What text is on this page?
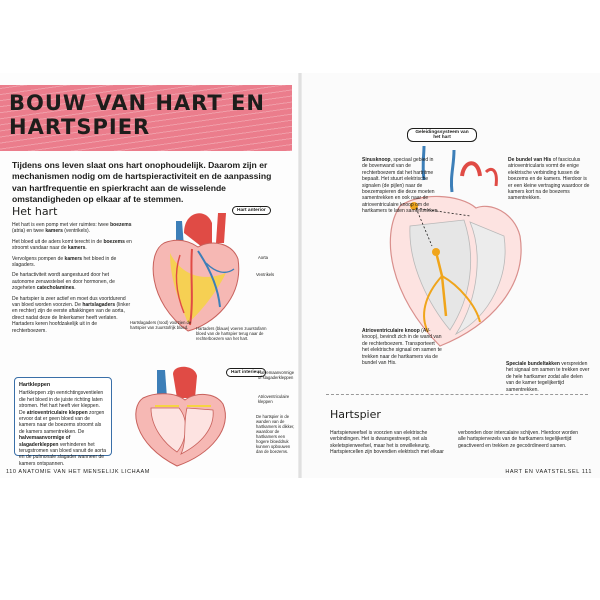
BOUW VAN HART EN HARTSPIER

Tijdens ons leven slaat ons hart onophoudelijk. Daarom zijn er mechanismen nodig om de hartspieractiviteit en de aanpassing van hartfrequentie en spierkracht aan de wisselende omstandigheden op elkaar af te stemmen.

Het hart

Het hart is een pomp met vier ruimtes: twee boezems (atria) en twee kamers (ventrikels).

Het bloed uit de aders komt terecht in de boezems en stroomt vandaar naar de kamers.

Vervolgens pompen de kamers het bloed in de slagaders.

De hartactiviteit wordt aangestuurd door het autonome zenuwstelsel en door hormonen, de zogeheten catecholamines.

De hartspier is zeer actief en moet dus voortdurend van bloed worden voorzien. De hartslagaders (linker en rechter) zijn de eerste aftakkingen van de aorta, direct nadat deze de linkerkamer heeft verlaten. Hartaders keren hoofdzakelijk uit in de rechterboezem.

Hart anterior
Aorta
Ventrikels
Hartslagaders (rood) voorzien de hartspier van zuurstofrijk bloed.	Hartaders (blauw) voeren zuurstofarm bloed van de hartspier terug naar de rechterboezem van het hart.
Hartkleppen
Hartkleppen zijn eenrichtingsventielen die het bloed in de juiste richting laten stromen. Het hart heeft vier kleppen. De atrioventriculaire kleppen zorgen ervoor dat er geen bloed van de kamers naar de boezems stroomt als de kamers samentrekken. De halvemaanvormige of slagaderkleppen verhinderen het terugstromen van bloed vanuit de aorta en de pulmonale slagader wanneer de kamers ontspannen.
Hart interieur
Halvemaanvormige of slagaderkleppen
Atrioventriculaire kleppen
De hartspier in de wanden van de hartkamers is dikker, waardoor de hartkamers een hogere bloeddruk kunnen opbouwen dan de boezems.
Geleidingssysteem van het hart
Sinusknoop, speciaal gebied in de bovenwand van de rechterboezem dat het hartritme bepaalt. Het stuurt elektrische signalen (de pijlen) naar de boezemspieren die deze moeten samentrekken en ook naar de atrioventriculaire knoop om de hartkamers te laten samentrekken.
De bundel van His of fasciculus atrioventricularis vormt de enige elektrische verbinding tussen de boezems en de kamers. Hierdoor is er een kleine vertraging waardoor de kamers kort na de boezems samentrekken.
Atrioventriculaire knoop (AV-knoop), bevindt zich in de wand van de rechterboezem. Transporteert het elektrische signaal om samen te trekken naar de hartkamers via de bundel van His.	Speciale bundeltakken verspreiden het signaal om samen te trekken over de hele hartkamer zodat alle delen van de kamer tegelijkertijd samentrekken.
Hartspier
Hartspierweefsel is voorzien van elektrische verbindingen. Het is dwarsgestreept, net als skeletspierweefsel, maar het is onwillekeurig. Hartspiercellen zijn bovendien elektrisch met elkaar
verbonden door intercalaire schijven. Hierdoor worden alle hartspiervezels van de hartkamers tegelijkertijd geactiveerd en trekken ze gecoördineerd samen.
110 ANATOMIE VAN HET MENSELIJK LICHAAM	HART EN VAATSTELSEL 111
